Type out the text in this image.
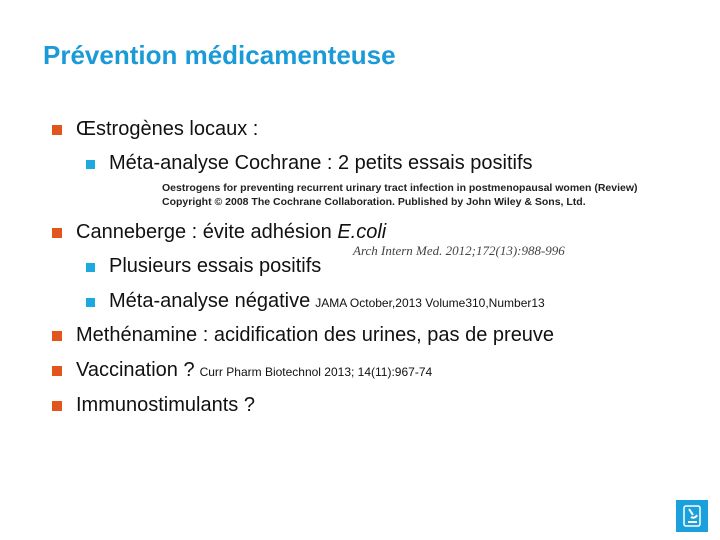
Prévention médicamenteuse
Œstrogènes locaux :
Méta-analyse Cochrane : 2 petits essais positifs
Oestrogens for preventing recurrent urinary tract infection in postmenopausal women (Review)
Copyright © 2008 The Cochrane Collaboration. Published by John Wiley & Sons, Ltd.
Canneberge : évite adhésion E.coli
Arch Intern Med. 2012;172(13):988-996
Plusieurs essais positifs
Méta-analyse négative JAMA October,2013 Volume310,Number13
Methénamine : acidification des urines, pas de preuve
Vaccination ? Curr Pharm Biotechnol 2013; 14(11):967-74
Immunostimulants ?
